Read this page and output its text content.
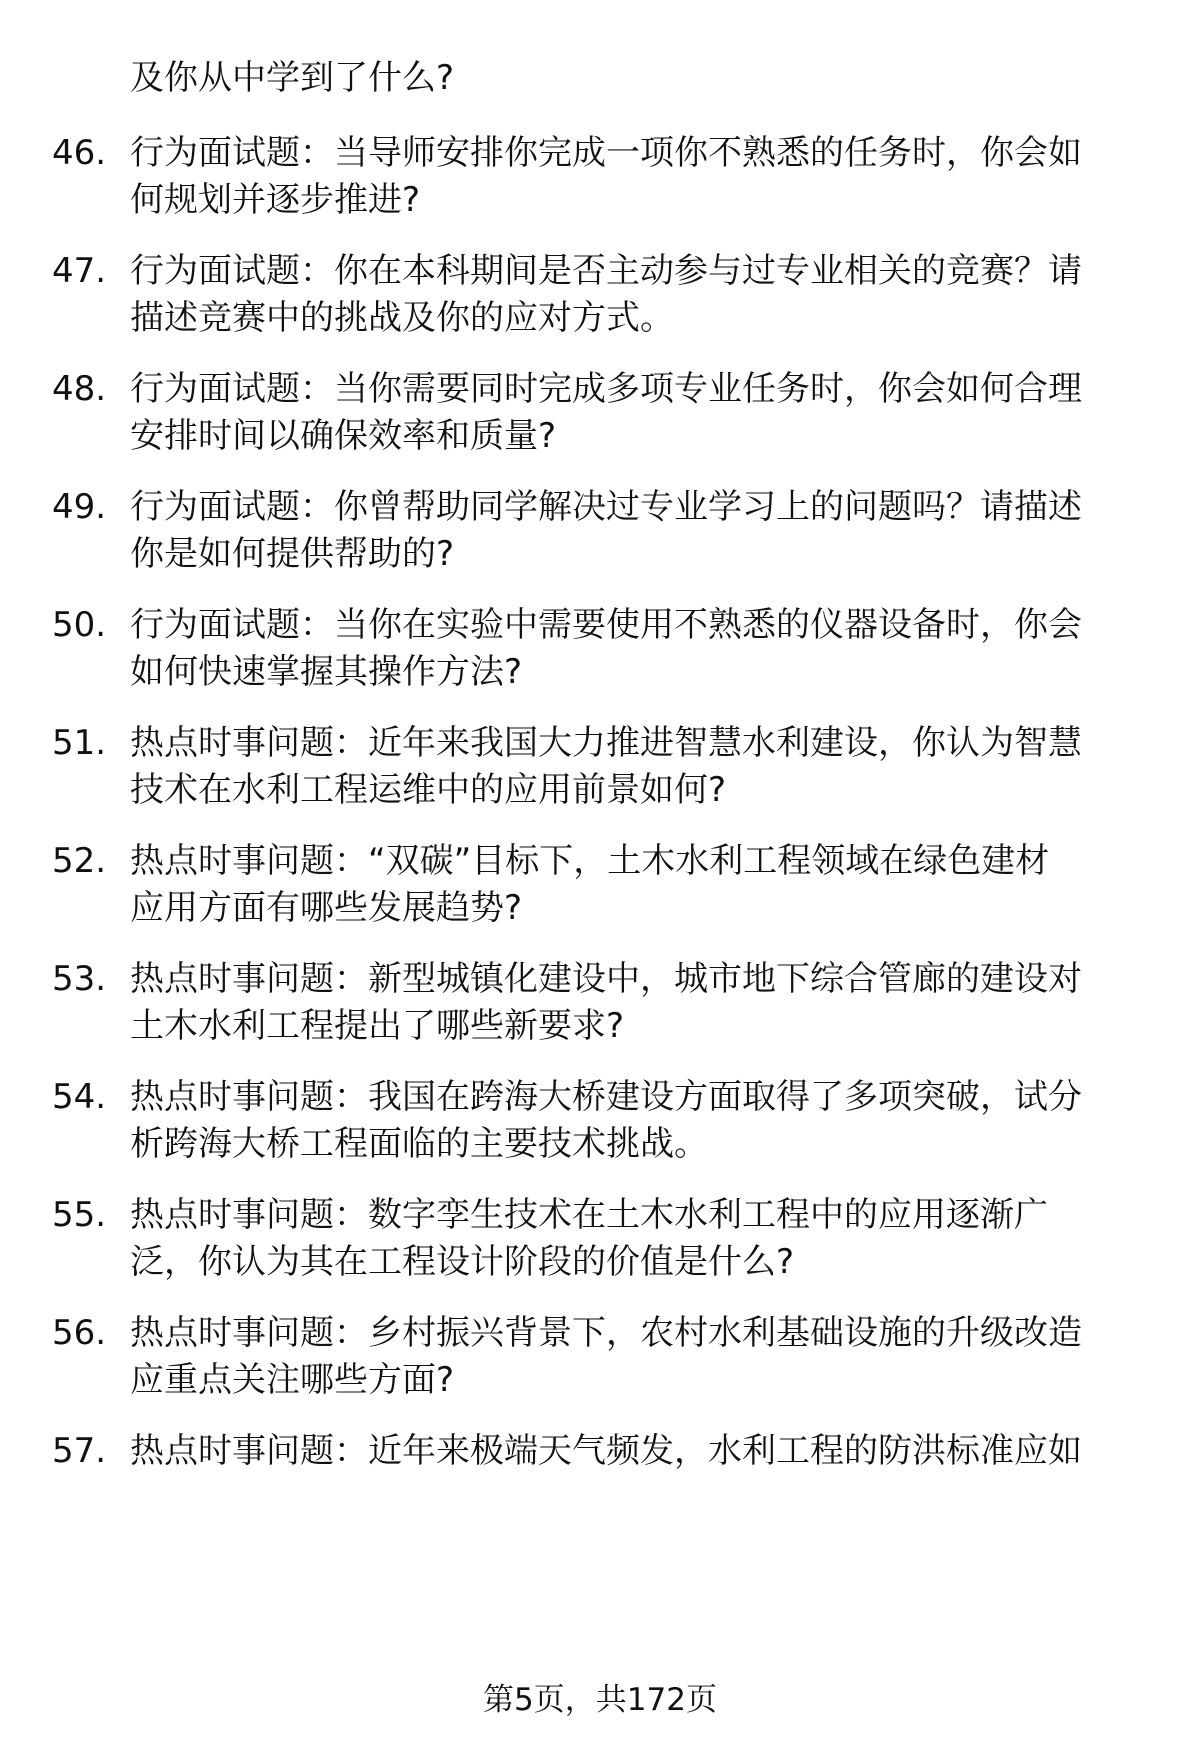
及你从中学到了什么?
46. 行为面试题：当导师安排你完成一项你不熟悉的任务时，你会如
何规划并逐步推进?
47. 行为面试题：你在本科期间是否主动参与过专业相关的竞赛？请
描述竞赛中的挑战及你的应对方式。
48. 行为面试题：当你需要同时完成多项专业任务时，你会如何合理
安排时间以确保效率和质量?
49. 行为面试题：你曾帮助同学解决过专业学习上的问题吗？请描述
你是如何提供帮助的?
50. 行为面试题：当你在实验中需要使用不熟悉的仪器设备时，你会
如何快速掌握其操作方法?
51. 热点时事问题：近年来我国大力推进智慧水利建设，你认为智慧
技术在水利工程运维中的应用前景如何?
52. 热点时事问题：“双碳”目标下，土木水利工程领域在绿色建材
应用方面有哪些发展趋势?
53. 热点时事问题：新型城镇化建设中，城市地下综合管廊的建设对
土木水利工程提出了哪些新要求?
54. 热点时事问题：我国在跨海大桥建设方面取得了多项突破，试分
析跨海大桥工程面临的主要技术挑战。
55. 热点时事问题：数字孪生技术在土木水利工程中的应用逐渐广
泛，你认为其在工程设计阶段的价值是什么?
56. 热点时事问题：乡村振兴背景下，农村水利基础设施的升级改造
应重点关注哪些方面?
57. 热点时事问题：近年来极端天气频发，水利工程的防洪标准应如
第5页，共172页
